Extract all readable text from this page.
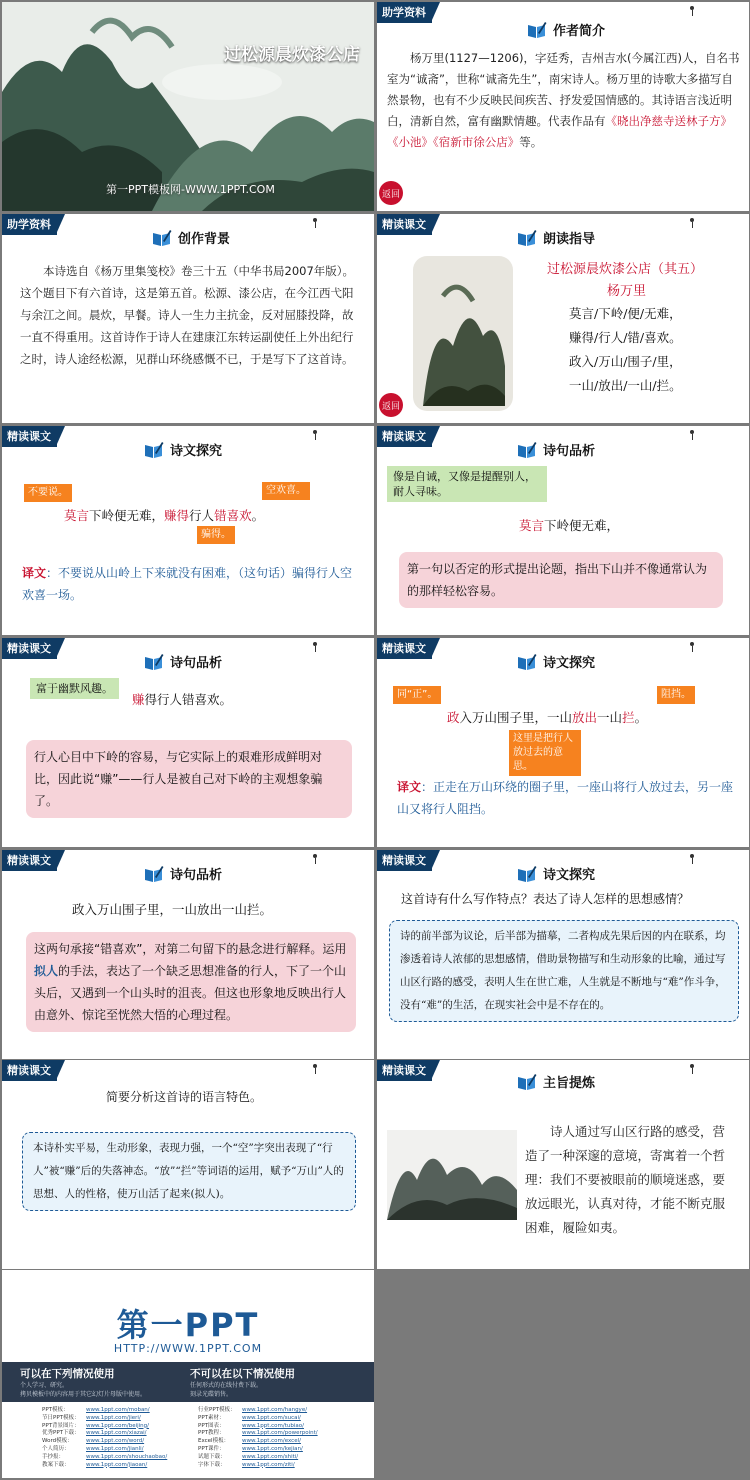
过松源晨炊漆公店
第一PPT模板网-WWW.1PPT.COM
助学资料
作者简介
杨万里(1127—1206)，字廷秀，吉州吉水(今属江西)人，自名书室为“诚斋”，世称“诚斋先生”，南宋诗人。杨万里的诗歌大多描写自然景物，也有不少反映民间疾苦、抒发爱国情感的。其诗语言浅近明白，清新自然，富有幽默情趣。代表作品有《晓出净慈寺送林子方》《小池》《宿新市徐公店》等。
返回
助学资料
创作背景
本诗选自《杨万里集笺校》卷三十五（中华书局2007年版）。这个题目下有六首诗，这是第五首。松源、漆公店，在今江西弋阳与余江之间。晨炊，早餐。诗人一生力主抗金，反对屈膝投降，故一直不得重用。这首诗作于诗人在建康江东转运副使任上外出纪行之时，诗人途经松源，见群山环绕感慨不已，于是写下了这首诗。
精读课文
朗读指导
过松源晨炊漆公店（其五）
杨万里
莫言/下岭/便/无难，
赚得/行人/错/喜欢。
政入/万山/围子/里，
一山/放出/一山/拦。
返回
精读课文
诗文探究
不要说。	空欢喜。
莫言下岭便无难，赚得行人错喜欢。
骗得。
译文：不要说从山岭上下来就没有困难，（这句话）骗得行人空欢喜一场。
精读课文
诗句品析
像是自诫，又像是提醒别人，耐人寻味。
莫言下岭便无难，
第一句以否定的形式提出论题，指出下山并不像通常认为的那样轻松容易。
精读课文
诗句品析
富于幽默风趣。
赚得行人错喜欢。
行人心目中下岭的容易，与它实际上的艰难形成鲜明对比，因此说“赚”——行人是被自己对下岭的主观想象骗了。
精读课文
诗文探究
同“正”。	阻挡。
政入万山围子里，一山放出一山拦。
这里是把行人放过去的意思。
译文：正走在万山环绕的圈子里，一座山将行人放过去，另一座山又将行人阻挡。
精读课文
诗句品析
政入万山围子里，一山放出一山拦。
这两句承接“错喜欢”，对第二句留下的悬念进行解释。运用拟人的手法，表达了一个缺乏思想准备的行人，下了一个山头后，又遇到一个山头时的沮丧。但这也形象地反映出行人由意外、惊诧至恍然大悟的心理过程。
精读课文
诗文探究
这首诗有什么写作特点？表达了诗人怎样的思想感情？
诗的前半部为议论，后半部为描摹，二者构成先果后因的内在联系，均渗透着诗人浓郁的思想感情，借助景物描写和生动形象的比喻，通过写山区行路的感受，表明人生在世亡难，人生就是不断地与“难”作斗争，没有“难”的生活，在现实社会中是不存在的。
精读课文
简要分析这首诗的语言特色。
本诗朴实平易，生动形象，表现力强，一个“空”字突出表现了“行人”被“赚”后的失落神态。“放”“拦”等词语的运用，赋予“万山”人的思想、人的性格，使万山活了起来(拟人)。
精读课文
主旨提炼
诗人通过写山区行路的感受，营造了一种深邃的意境，寄寓着一个哲理：我们不要被眼前的顺境迷惑，要放远眼光，认真对待，才能不断克服困难，履险如夷。
第一PPT
HTTP://WWW.1PPT.COM
可以在下列情况使用	不可以在以下情况使用
个人学习、研究。
拷贝模板中的内容用于其它幻灯片母版中使用。
任何形式的在线付费下载。
刻录光碟销售。
PPT模板：	www.1ppt.com/moban/
节日PPT模板： www.1ppt.com/jieri/
PPT背景图片： www.1ppt.com/beijing/
优秀PPT下载： www.1ppt.com/xiazai/
Word模板： www.1ppt.com/word/
个人简历：	www.1ppt.com/jianli/
手抄报：	www.1ppt.com/shouchaobao/
教案下载：	www.1ppt.com/jiaoan/
行业PPT模板： www.1ppt.com/hangye/
PPT素材：	www.1ppt.com/sucai/
PPT图表：	www.1ppt.com/tubiao/
PPT教程：	www.1ppt.com/powerpoint/
Excel模板： www.1ppt.com/excel/
PPT课件：	www.1ppt.com/kejian/
试题下载：	www.1ppt.com/shiti/
字体下载：	www.1ppt.com/ziti/
